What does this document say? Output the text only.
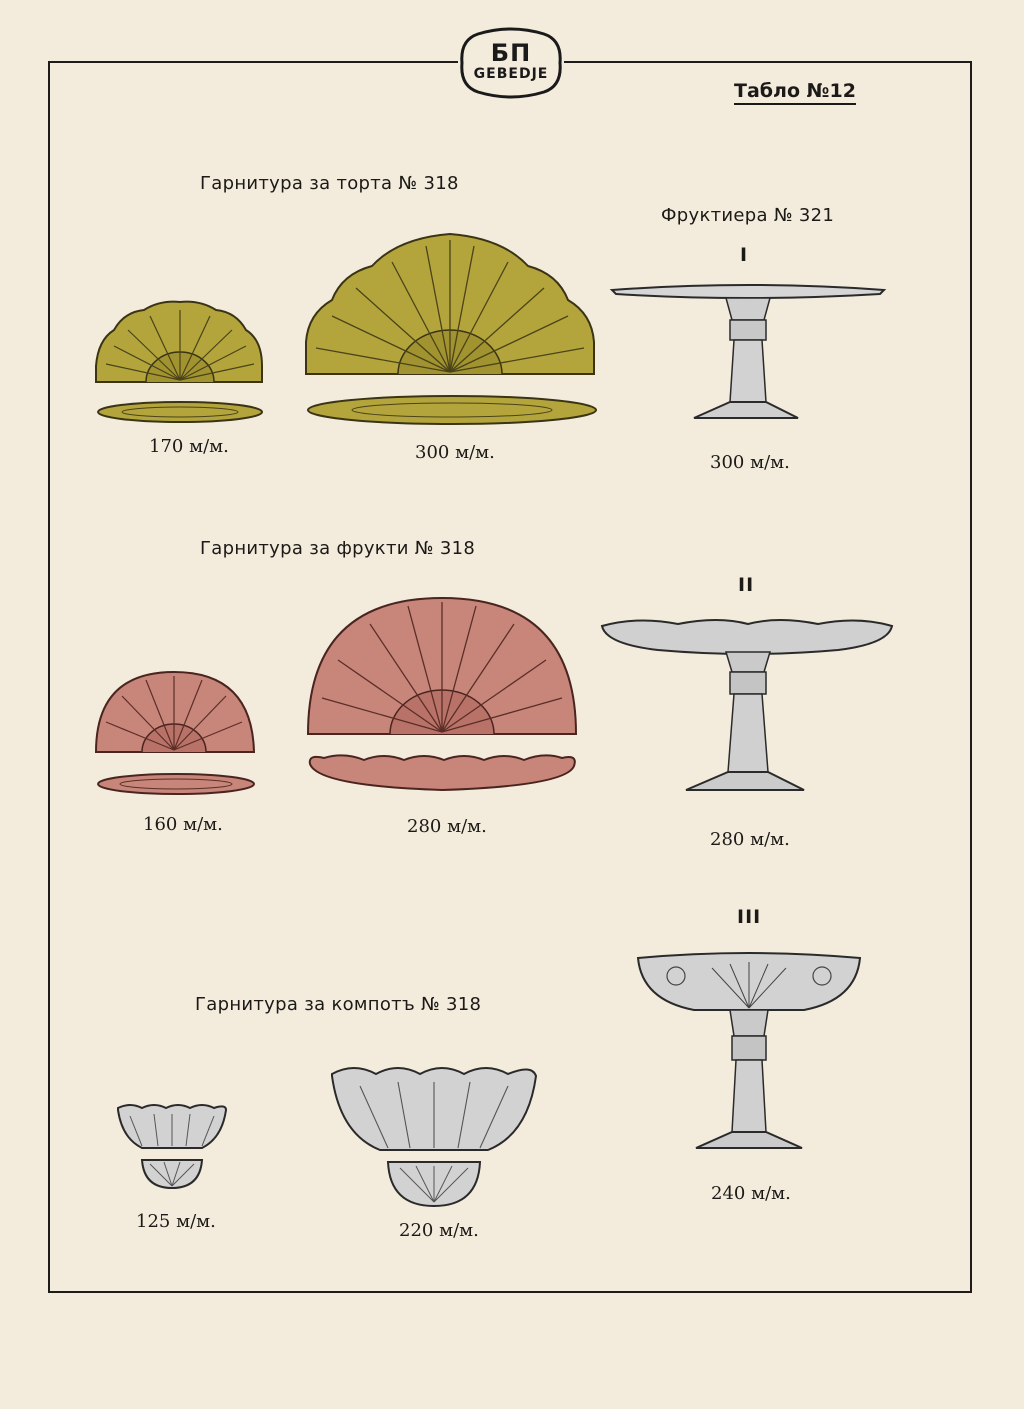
БП
GEBEDJE
Табло №12
Гарнитура за торта № 318
170 м/м.	300 м/м.
Гарнитура за фрукти № 318
160 м/м.	280 м/м.
Гарнитура за компотъ № 318
125 м/м.	220 м/м.
Фруктиера № 321
I
300 м/м.
II
280 м/м.
III
240 м/м.
